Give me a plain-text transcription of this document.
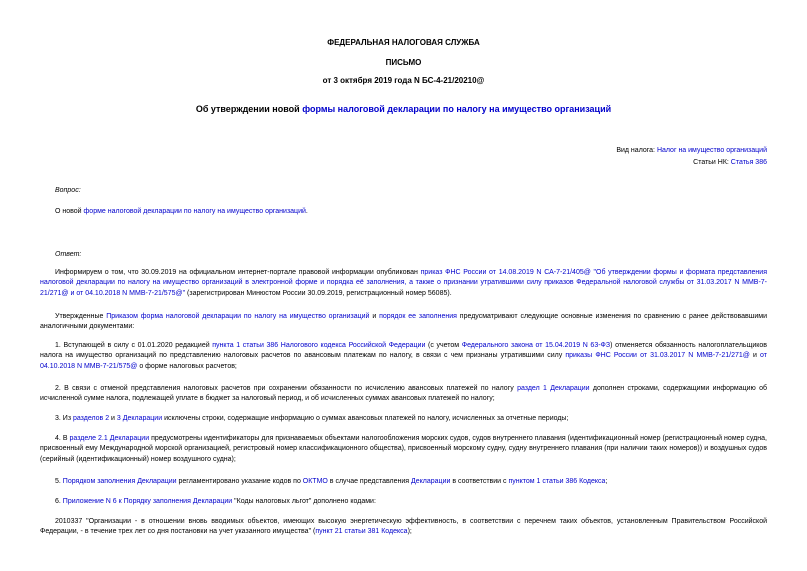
ФЕДЕРАЛЬНАЯ НАЛОГОВАЯ СЛУЖБА
ПИСЬМО
от 3 октября 2019 года N БС-4-21/20210@
Об утверждении новой формы налоговой декларации по налогу на имущество организаций
Вид налога: Налог на имущество организаций
Статьи НК: Статья 386
Вопрос:
О новой форме налоговой декларации по налогу на имущество организаций.
Ответ:
Информируем о том, что 30.09.2019 на официальном интернет-портале правовой информации опубликован приказ ФНС России от 14.08.2019 N СА-7-21/405@ "Об утверждении формы и формата представления налоговой декларации по налогу на имущество организаций в электронной форме и порядка её заполнения, а также о признании утратившими силу приказов Федеральной налоговой службы от 31.03.2017 N ММВ-7-21/271@ и от 04.10.2018 N ММВ-7-21/575@" (зарегистрирован Минюстом России 30.09.2019, регистрационный номер 56085).
Утвержденные Приказом форма налоговой декларации по налогу на имущество организаций и порядок ее заполнения предусматривают следующие основные изменения по сравнению с ранее действовавшими аналогичными документами:
1. Вступающей в силу с 01.01.2020 редакцией пункта 1 статьи 386 Налогового кодекса Российской Федерации (с учетом Федерального закона от 15.04.2019 N 63-ФЗ) отменяется обязанность налогоплательщиков налога на имущество организаций по представлению налоговых расчетов по авансовым платежам по налогу, в связи с чем признаны утратившими силу приказы ФНС России от 31.03.2017 N ММВ-7-21/271@ и от 04.10.2018 N ММВ-7-21/575@ о форме налоговых расчетов;
2. В связи с отменой представления налоговых расчетов при сохранении обязанности по исчислению авансовых платежей по налогу раздел 1 Декларации дополнен строками, содержащими информацию об исчисленной сумме налога, подлежащей уплате в бюджет за налоговый период, и об исчисленных суммах авансовых платежей по налогу;
3. Из разделов 2 и 3 Декларации исключены строки, содержащие информацию о суммах авансовых платежей по налогу, исчисленных за отчетные периоды;
4. В разделе 2.1 Декларации предусмотрены идентификаторы для признаваемых объектами налогообложения морских судов, судов внутреннего плавания (идентификационный номер (регистрационный номер судна, присвоенный ему Международной морской организацией, регистровый номер классификационного общества), присвоенный морскому судну, судну внутреннего плавания (при наличии таких номеров)) и воздушных судов (серийный (идентификационный) номер воздушного судна);
5. Порядком заполнения Декларации регламентировано указание кодов по ОКТМО в случае представления Декларации в соответствии с пунктом 1 статьи 386 Кодекса;
6. Приложение N 6 к Порядку заполнения Декларации "Коды налоговых льгот" дополнено кодами:
2010337 "Организации - в отношении вновь вводимых объектов, имеющих высокую энергетическую эффективность, в соответствии с перечнем таких объектов, установленным Правительством Российской Федерации, - в течение трех лет со дня постановки на учет указанного имущества" (пункт 21 статьи 381 Кодекса);
